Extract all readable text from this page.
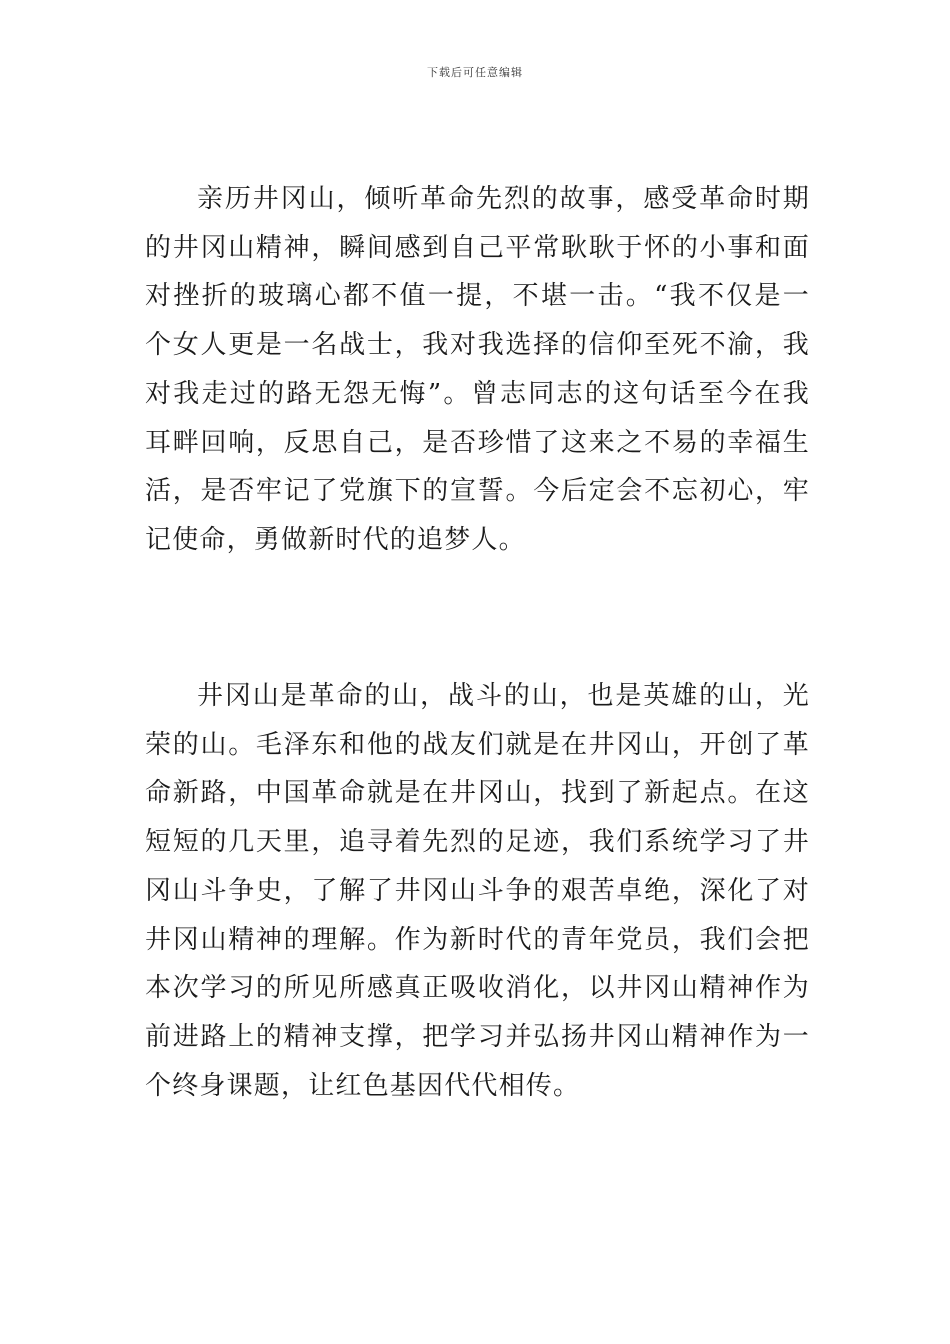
下载后可任意编辑

亲历井冈山，倾听革命先烈的故事，感受革命时期的井冈山精神，瞬间感到自己平常耿耿于怀的小事和面对挫折的玻璃心都不值一提，不堪一击。“我不仅是一个女人更是一名战士，我对我选择的信仰至死不渝，我对我走过的路无怨无悔”。曾志同志的这句话至今在我耳畔回响，反思自己，是否珍惜了这来之不易的幸福生活，是否牢记了党旗下的宣誓。今后定会不忘初心，牢记使命，勇做新时代的追梦人。

井冈山是革命的山，战斗的山，也是英雄的山，光荣的山。毛泽东和他的战友们就是在井冈山，开创了革命新路，中国革命就是在井冈山，找到了新起点。在这短短的几天里，追寻着先烈的足迹，我们系统学习了井冈山斗争史，了解了井冈山斗争的艰苦卓绝，深化了对井冈山精神的理解。作为新时代的青年党员，我们会把本次学习的所见所感真正吸收消化，以井冈山精神作为前进路上的精神支撑，把学习并弘扬井冈山精神作为一个终身课题，让红色基因代代相传。
